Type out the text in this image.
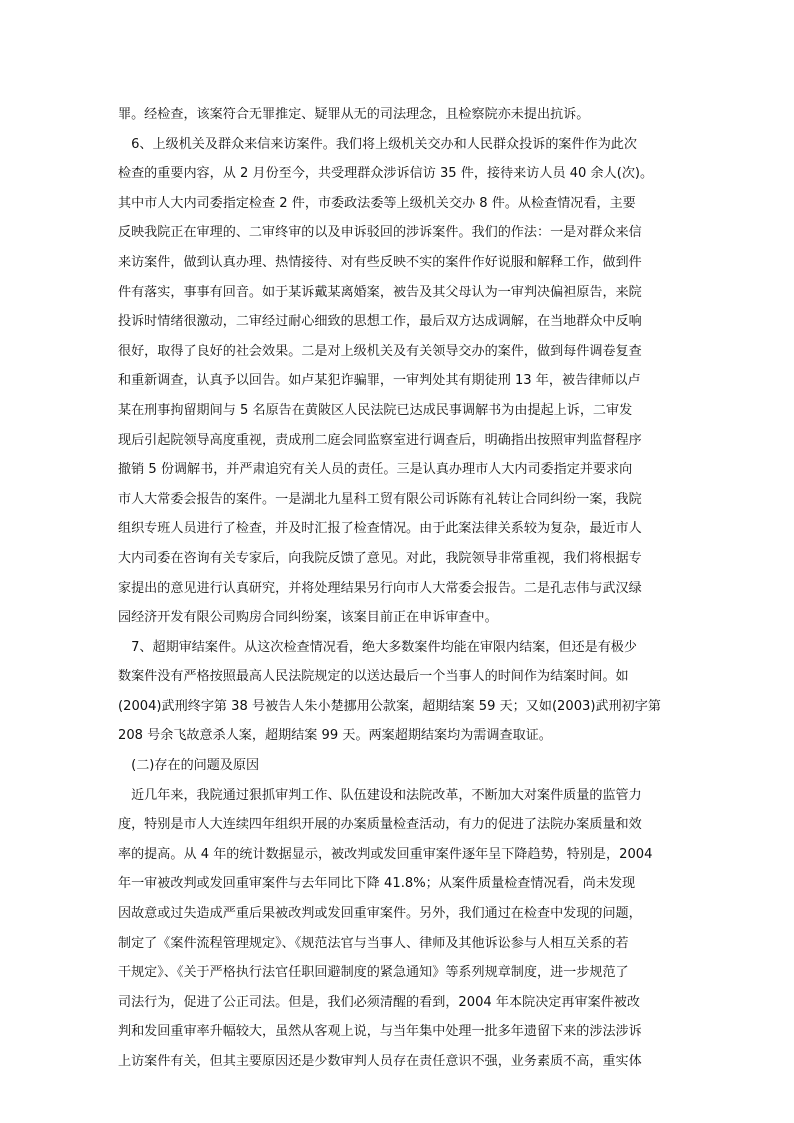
罪。经检查，该案符合无罪推定、疑罪从无的司法理念，且检察院亦未提出抗诉。
　6、上级机关及群众来信来访案件。我们将上级机关交办和人民群众投诉的案件作为此次
检查的重要内容，从 2 月份至今，共受理群众涉诉信访 35 件，接待来访人员 40 余人(次)。
其中市人大内司委指定检查 2 件，市委政法委等上级机关交办 8 件。从检查情况看，主要
反映我院正在审理的、二审终审的以及申诉驳回的涉诉案件。我们的作法：一是对群众来信
来访案件，做到认真办理、热情接待、对有些反映不实的案件作好说服和解释工作，做到件
件有落实，事事有回音。如于某诉戴某离婚案，被告及其父母认为一审判决偏袒原告，来院
投诉时情绪很激动，二审经过耐心细致的思想工作，最后双方达成调解，在当地群众中反响
很好，取得了良好的社会效果。二是对上级机关及有关领导交办的案件，做到每件调卷复查
和重新调查，认真予以回告。如卢某犯诈骗罪，一审判处其有期徒刑 13 年，被告律师以卢
某在刑事拘留期间与 5 名原告在黄陂区人民法院已达成民事调解书为由提起上诉，二审发
现后引起院领导高度重视，责成刑二庭会同监察室进行调查后，明确指出按照审判监督程序
撤销 5 份调解书，并严肃追究有关人员的责任。三是认真办理市人大内司委指定并要求向
市人大常委会报告的案件。一是湖北九星科工贸有限公司诉陈有礼转让合同纠纷一案，我院
组织专班人员进行了检查，并及时汇报了检查情况。由于此案法律关系较为复杂，最近市人
大内司委在咨询有关专家后，向我院反馈了意见。对此，我院领导非常重视，我们将根据专
家提出的意见进行认真研究，并将处理结果另行向市人大常委会报告。二是孔志伟与武汉绿
园经济开发有限公司购房合同纠纷案，该案目前正在申诉审查中。
　7、超期审结案件。从这次检查情况看，绝大多数案件均能在审限内结案，但还是有极少
数案件没有严格按照最高人民法院规定的以送达最后一个当事人的时间作为结案时间。如
(2004)武刑终字第 38 号被告人朱小楚挪用公款案，超期结案 59 天；又如(2003)武刑初字第
208 号余飞故意杀人案，超期结案 99 天。两案超期结案均为需调查取证。
　(二)存在的问题及原因
　近几年来，我院通过狠抓审判工作、队伍建设和法院改革，不断加大对案件质量的监管力
度，特别是市人大连续四年组织开展的办案质量检查活动，有力的促进了法院办案质量和效
率的提高。从 4 年的统计数据显示，被改判或发回重审案件逐年呈下降趋势，特别是，2004
年一审被改判或发回重审案件与去年同比下降 41.8%；从案件质量检查情况看，尚未发现
因故意或过失造成严重后果被改判或发回重审案件。另外，我们通过在检查中发现的问题，
制定了《案件流程管理规定》、《规范法官与当事人、律师及其他诉讼参与人相互关系的若
干规定》、《关于严格执行法官任职回避制度的紧急通知》等系列规章制度，进一步规范了
司法行为，促进了公正司法。但是，我们必须清醒的看到，2004 年本院决定再审案件被改
判和发回重审率升幅较大，虽然从客观上说，与当年集中处理一批多年遗留下来的涉法涉诉
上访案件有关，但其主要原因还是少数审判人员存在责任意识不强，业务素质不高，重实体
